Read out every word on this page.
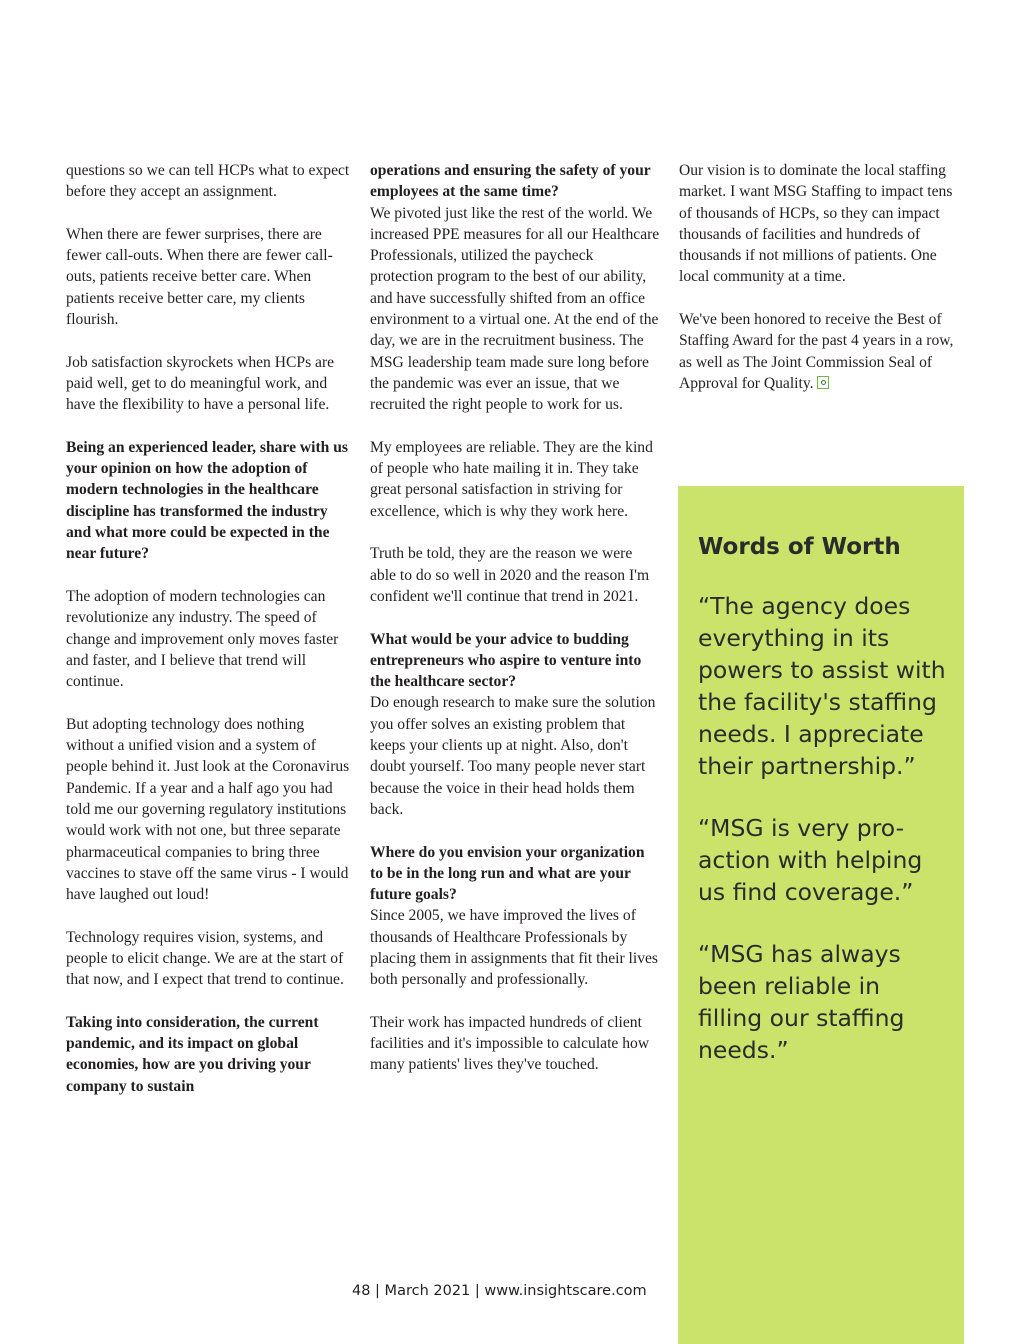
questions so we can tell HCPs what to expect before they accept an assignment.

When there are fewer surprises, there are fewer call-outs. When there are fewer call-outs, patients receive better care. When patients receive better care, my clients flourish.

Job satisfaction skyrockets when HCPs are paid well, get to do meaningful work, and have the flexibility to have a personal life.

Being an experienced leader, share with us your opinion on how the adoption of modern technologies in the healthcare discipline has transformed the industry and what more could be expected in the near future?

The adoption of modern technologies can revolutionize any industry. The speed of change and improvement only moves faster and faster, and I believe that trend will continue.

But adopting technology does nothing without a unified vision and a system of people behind it. Just look at the Coronavirus Pandemic. If a year and a half ago you had told me our governing regulatory institutions would work with not one, but three separate pharmaceutical companies to bring three vaccines to stave off the same virus - I would have laughed out loud!

Technology requires vision, systems, and people to elicit change. We are at the start of that now, and I expect that trend to continue.

Taking into consideration, the current pandemic, and its impact on global economies, how are you driving your company to sustain

operations and ensuring the safety of your employees at the same time?

We pivoted just like the rest of the world. We increased PPE measures for all our Healthcare Professionals, utilized the paycheck protection program to the best of our ability, and have successfully shifted from an office environment to a virtual one. At the end of the day, we are in the recruitment business. The MSG leadership team made sure long before the pandemic was ever an issue, that we recruited the right people to work for us.

My employees are reliable. They are the kind of people who hate mailing it in. They take great personal satisfaction in striving for excellence, which is why they work here.

Truth be told, they are the reason we were able to do so well in 2020 and the reason I'm confident we'll continue that trend in 2021.

What would be your advice to budding entrepreneurs who aspire to venture into the healthcare sector?

Do enough research to make sure the solution you offer solves an existing problem that keeps your clients up at night. Also, don't doubt yourself. Too many people never start because the voice in their head holds them back.

Where do you envision your organization to be in the long run and what are your future goals?

Since 2005, we have improved the lives of thousands of Healthcare Professionals by placing them in assignments that fit their lives both personally and professionally.

Their work has impacted hundreds of client facilities and it's impossible to calculate how many patients' lives they've touched.

Our vision is to dominate the local staffing market. I want MSG Staffing to impact tens of thousands of HCPs, so they can impact thousands of facilities and hundreds of thousands if not millions of patients. One local community at a time.

We've been honored to receive the Best of Staffing Award for the past 4 years in a row, as well as The Joint Commission Seal of Approval for Quality.

Words of Worth
“The agency does everything in its powers to assist with the facility's staffing needs. I appreciate their partnership.”
“MSG is very pro-action with helping us find coverage.”
“MSG has always been reliable in filling our staffing needs.”
48 | March 2021 | www.insightscare.com
